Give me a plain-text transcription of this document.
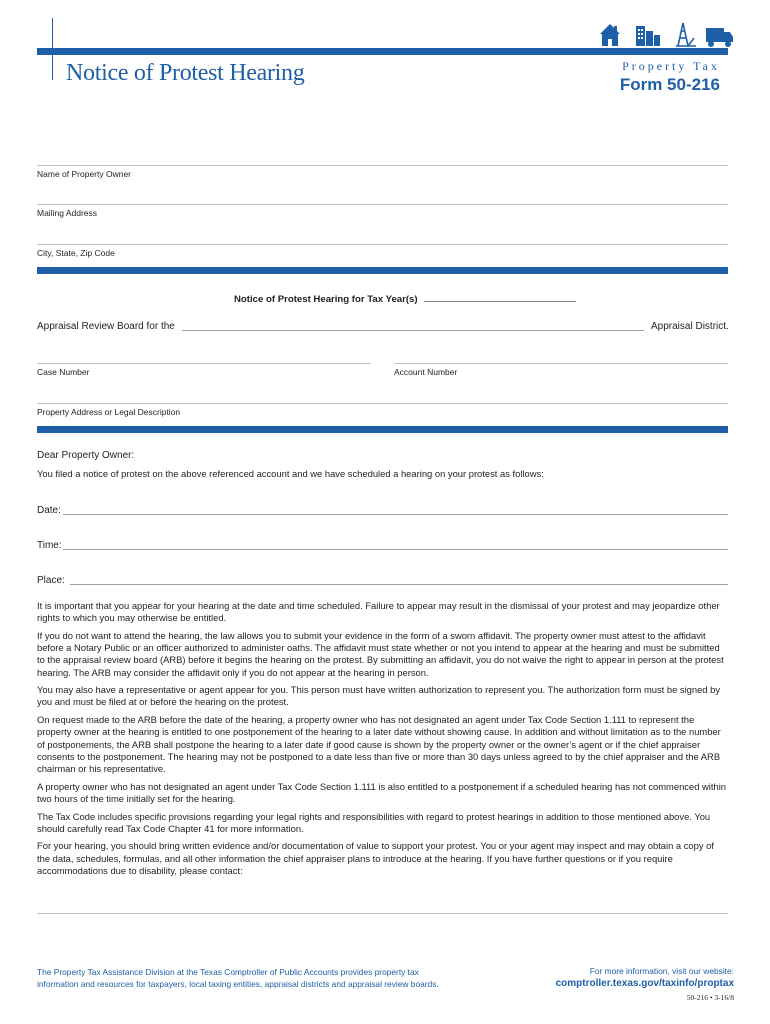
Notice of Protest Hearing	Property Tax
Form 50-216
Name of Property Owner
Mailing Address
City, State, Zip Code
Notice of Protest Hearing for Tax Year(s)
Appraisal Review Board for the	Appraisal District.
Case Number	Account Number
Property Address or Legal Description
Dear Property Owner:
You filed a notice of protest on the above referenced account and we have scheduled a hearing on your protest as follows:
Date:
Time:
Place:

It is important that you appear for your hearing at the date and time scheduled. Failure to appear may result in the dismissal of your protest and may jeopardize other rights to which you may otherwise be entitled.

If you do not want to attend the hearing, the law allows you to submit your evidence in the form of a sworn affidavit. The property owner must attest to the affidavit before a Notary Public or an officer authorized to administer oaths. The affidavit must state whether or not you intend to appear at the hearing and must be submitted to the appraisal review board (ARB) before it begins the hearing on the protest. By submitting an affidavit, you do not waive the right to appear in person at the protest hearing. The ARB may consider the affidavit only if you do not appear at the hearing in person.

You may also have a representative or agent appear for you. This person must have written authorization to represent you. The authorization form must be signed by you and must be filed at or before the hearing on the protest.

On request made to the ARB before the date of the hearing, a property owner who has not designated an agent under Tax Code Section 1.111 to represent the property owner at the hearing is entitled to one postponement of the hearing to a later date without showing cause. In addition and without limitation as to the number of postponements, the ARB shall postpone the hearing to a later date if good cause is shown by the property owner or the owner’s agent or if the chief appraiser consents to the postponement. The hearing may not be postponed to a date less than five or more than 30 days unless agreed to by the chief appraiser and the ARB chairman or his representative.

A property owner who has not designated an agent under Tax Code Section 1.111 is also entitled to a postponement if a scheduled hearing has not commenced within two hours of the time initially set for the hearing.

The Tax Code includes specific provisions regarding your legal rights and responsibilities with regard to protest hearings in addition to those mentioned above. You should carefully read Tax Code Chapter 41 for more information.

For your hearing, you should bring written evidence and/or documentation of value to support your protest. You or your agent may inspect and may obtain a copy of the data, schedules, formulas, and all other information the chief appraiser plans to introduce at the hearing. If you have further questions or if you require accommodations due to disability, please contact:

The Property Tax Assistance Division at the Texas Comptroller of Public Accounts provides property tax
information and resources for taxpayers, local taxing entities, appraisal districts and appraisal review boards.
For more information, visit our website:
comptroller.texas.gov/taxinfo/proptax
50-216 • 3-16/8
